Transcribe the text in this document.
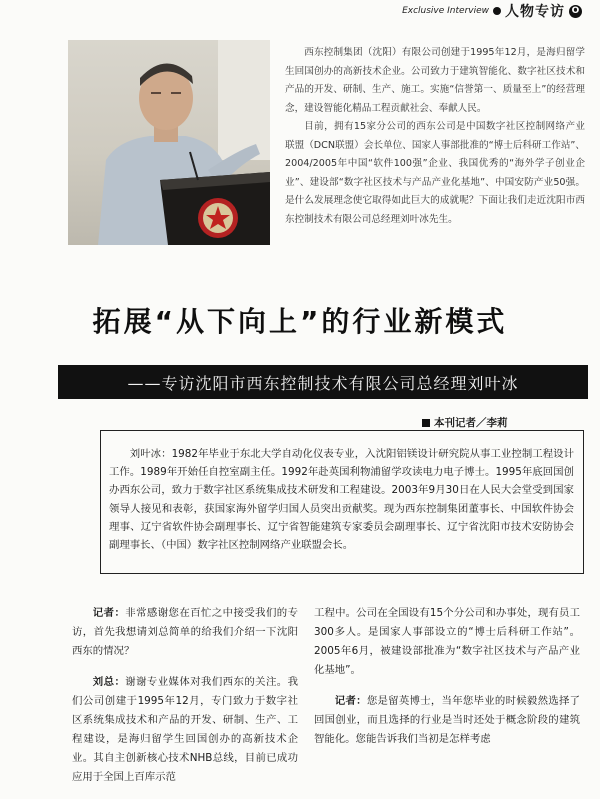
Exclusive Interview 人物专访 O

西东控制集团（沈阳）有限公司创建于1995年12月，是海归留学生回国创办的高新技术企业。公司致力于建筑智能化、数字社区技术和产品的开发、研制、生产、施工。实施“信誉第一、质量至上”的经营理念，建设智能化精品工程贡献社会、奉献人民。

目前，拥有15家分公司的西东公司是中国数字社区控制网络产业联盟（DCN联盟）会长单位、国家人事部批准的“博士后科研工作站”、2004/2005年中国“软件100强”企业、我国优秀的“海外学子创业企业”、建设部“数字社区技术与产品产业化基地”、中国安防产业50强。是什么发展理念使它取得如此巨大的成就呢？下面让我们走近沈阳市西东控制技术有限公司总经理刘叶冰先生。

拓展“从下向上”的行业新模式
——专访沈阳市西东控制技术有限公司总经理刘叶冰
本刊记者／李莉

刘叶冰：1982年毕业于东北大学自动化仪表专业，入沈阳铝镁设计研究院从事工业控制工程设计工作。1989年开始任自控室副主任。1992年赴英国利物浦留学攻读电力电子博士。1995年底回国创办西东公司，致力于数字社区系统集成技术研发和工程建设。2003年9月30日在人民大会堂受到国家领导人接见和表彰，获国家海外留学归国人员突出贡献奖。现为西东控制集团董事长、中国软件协会理事、辽宁省软件协会副理事长、辽宁省智能建筑专家委员会副理事长、辽宁省沈阳市技术安防协会副理事长、（中国）数字社区控制网络产业联盟会长。

记者：非常感谢您在百忙之中接受我们的专访，首先我想请刘总简单的给我们介绍一下沈阳西东的情况？

刘总：谢谢专业媒体对我们西东的关注。我们公司创建于1995年12月，专门致力于数字社区系统集成技术和产品的开发、研制、生产、工程建设，是海归留学生回国创办的高新技术企业。其自主创新核心技术NHB总线，目前已成功应用于全国上百库示范

工程中。公司在全国设有15个分公司和办事处，现有员工300多人。是国家人事部设立的“博士后科研工作站”。2005年6月，被建设部批准为“数字社区技术与产品产业化基地”。

记者：您是留英博士，当年您毕业的时候毅然选择了回国创业，而且选择的行业是当时还处于概念阶段的建筑智能化。您能告诉我们当初是怎样考虑
